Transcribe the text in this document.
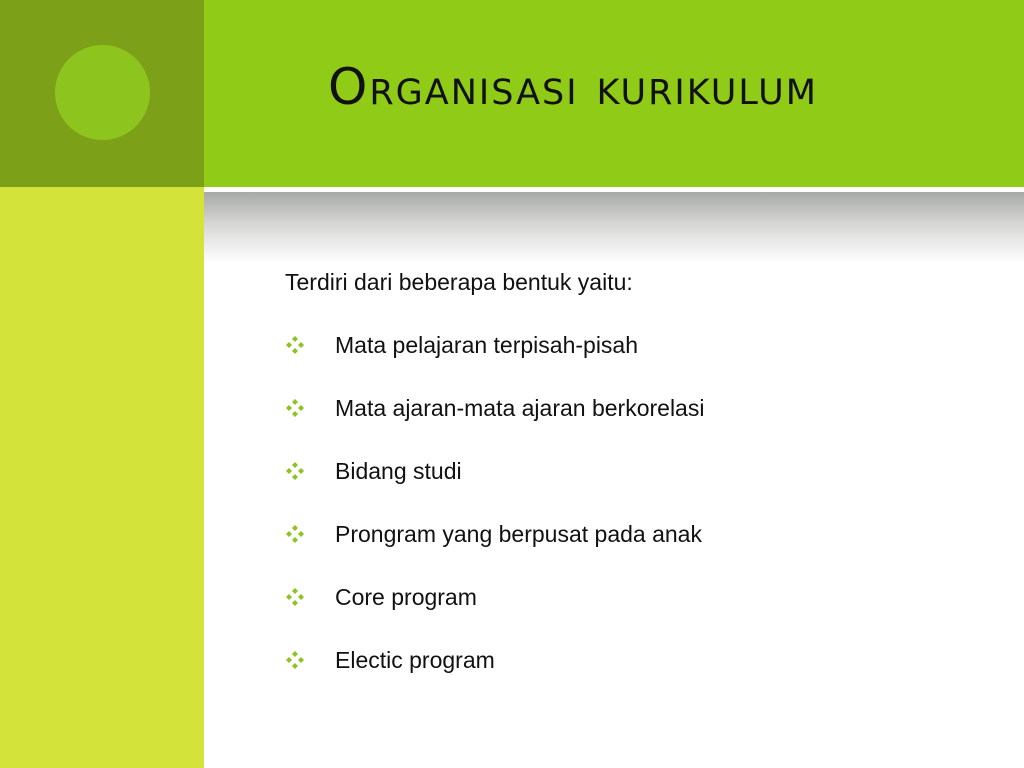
Organisasi kurikulum
Terdiri dari beberapa bentuk yaitu:
Mata pelajaran terpisah-pisah
Mata ajaran-mata ajaran berkorelasi
Bidang studi
Prongram yang berpusat pada anak
Core program
Electic program
